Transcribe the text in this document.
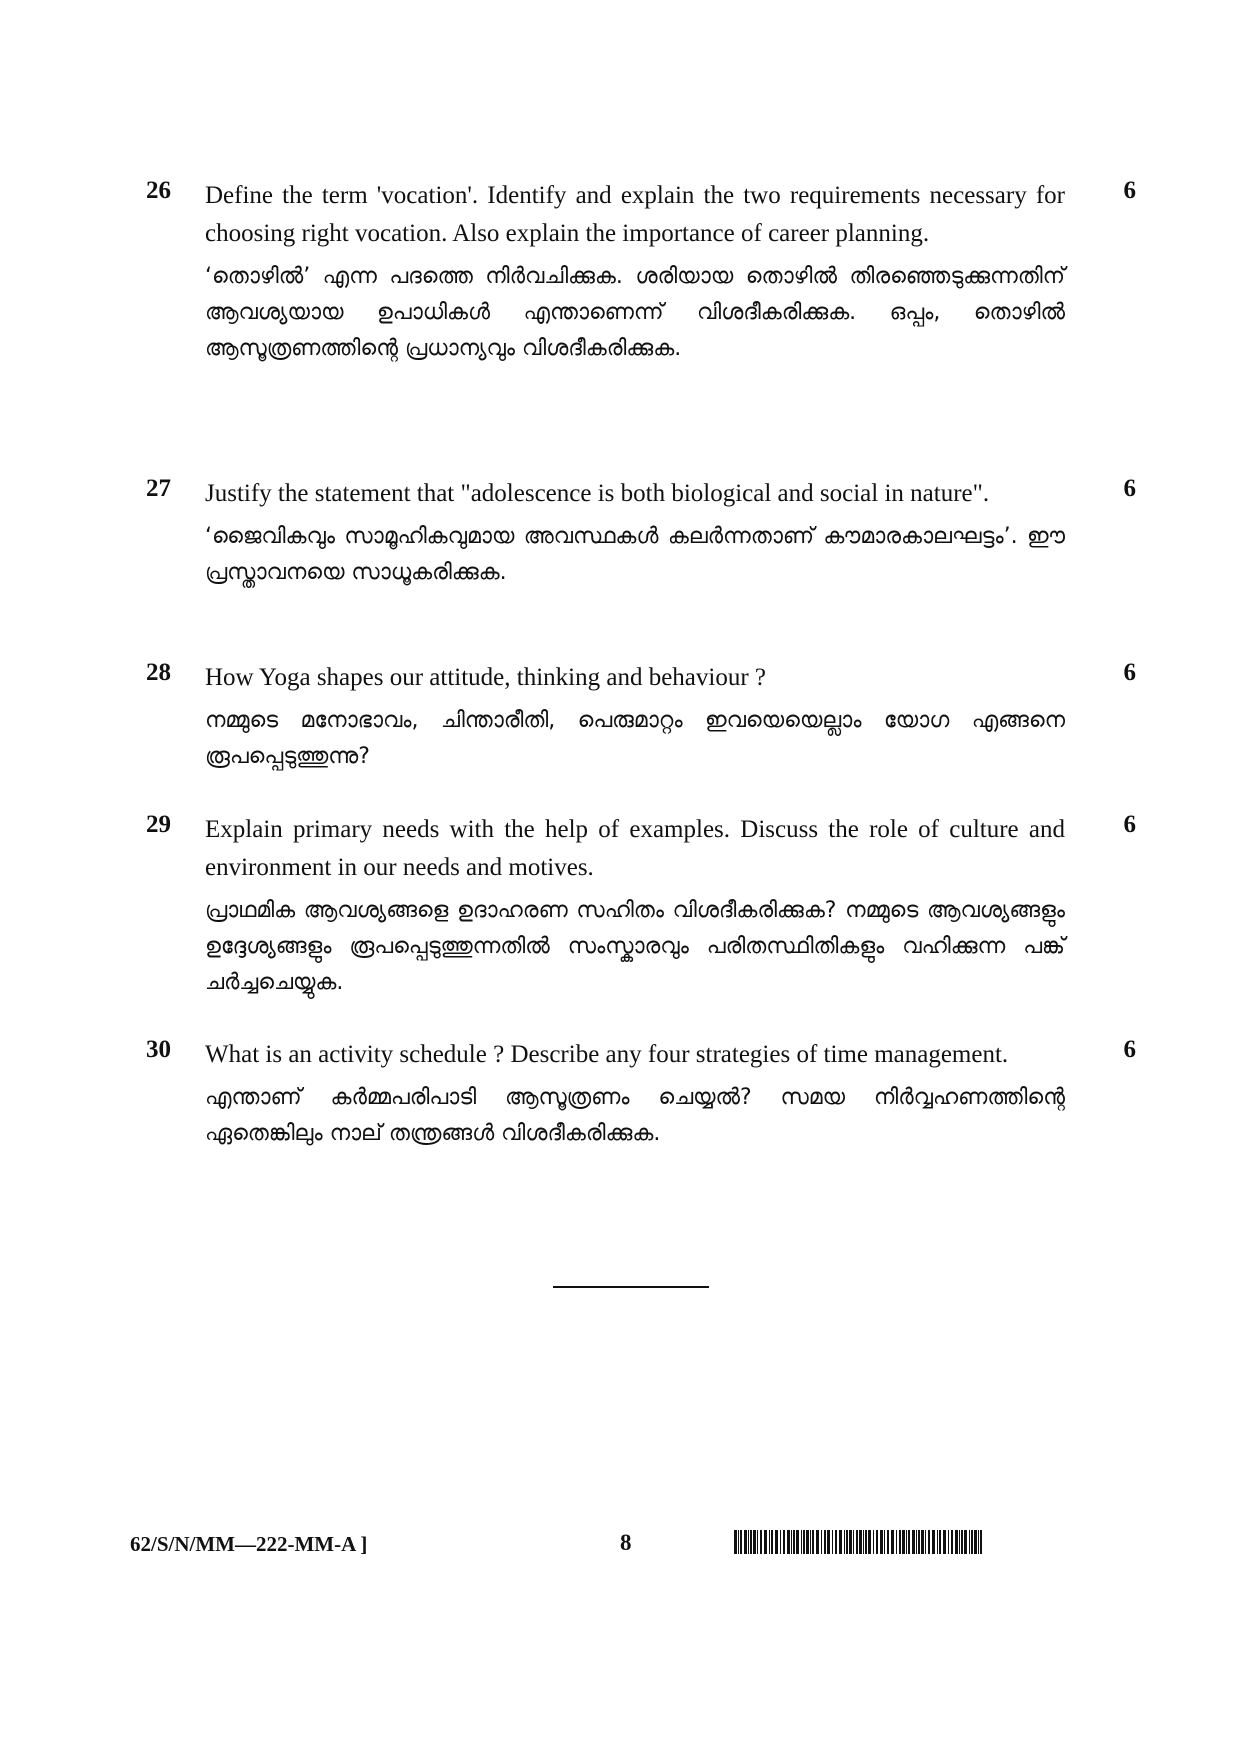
26 Define the term 'vocation'. Identify and explain the two requirements necessary for choosing right vocation. Also explain the importance of career planning.

‘തൊഴിൽ’ എന്ന പദത്തെ നിർവചിക്കുക. ശരിയായ തൊഴിൽ തിരഞ്ഞെടുക്കുന്നതിന് ആവശ്യയായ ഉപാധികൾ എന്താണെന്ന് വിശദീകരിക്കുക. ഒപ്പം, തൊഴിൽ ആസൂത്രണത്തിന്റെ പ്രധാന്യവും വിശദീകരിക്കുക.

6
27 Justify the statement that "adolescence is both biological and social in nature".

‘ജൈവികവും സാമൂഹികവുമായ അവസ്ഥകൾ കലർന്നതാണ് കൗമാരകാലഘട്ടം’. ഈ പ്രസ്താവനയെ സാധൂകരിക്കുക.

6
28 How Yoga shapes our attitude, thinking and behaviour ?

നമ്മുടെ മനോഭാവം, ചിന്താരീതി, പെരുമാറ്റം ഇവയെയെല്ലാം യോഗ എങ്ങനെ രൂപപ്പെടുത്തുന്നു?

6
29 Explain primary needs with the help of examples. Discuss the role of culture and environment in our needs and motives.

പ്രാഥമിക ആവശ്യങ്ങളെ ഉദാഹരണ സഹിതം വിശദീകരിക്കുക? നമ്മുടെ ആവശ്യങ്ങളും ഉദ്ദേശ്യങ്ങളും രൂപപ്പെടുത്തുന്നതിൽ സംസ്കാരവും പരിതസ്ഥിതികളും വഹിക്കുന്ന പങ്ക് ചർച്ചചെയ്യുക.

6
30 What is an activity schedule ? Describe any four strategies of time management.

എന്താണ് കർമ്മപരിപാടി ആസൂത്രണം ചെയ്യൽ? സമയ നിർവ്വഹണത്തിന്റെ ഏതെങ്കിലും നാല് തന്ത്രങ്ങൾ വിശദീകരിക്കുക.

6
62/S/N/MM—222-MM-A ]	8
